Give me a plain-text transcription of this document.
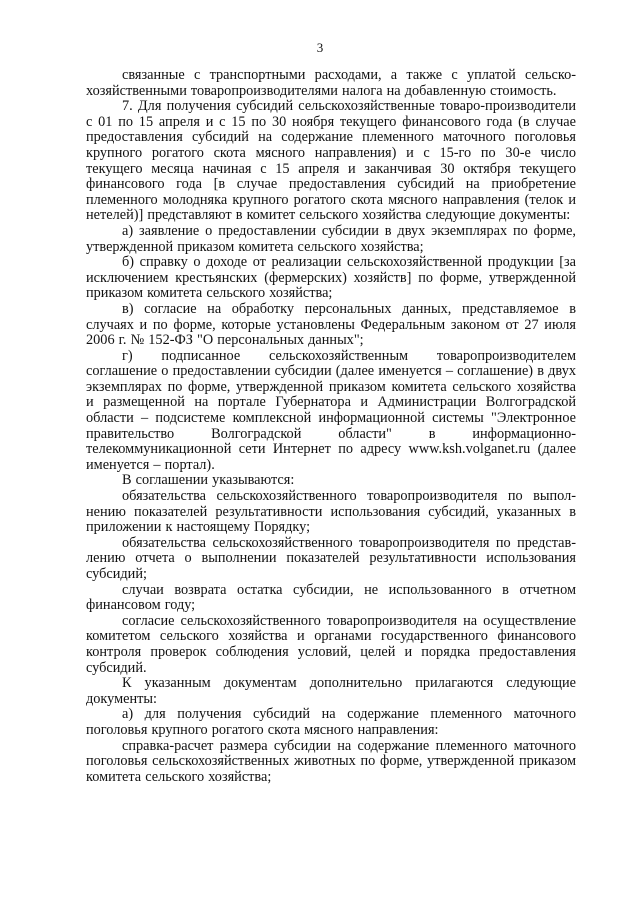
3

связанные с транспортными расходами, а также с уплатой сельско-хозяйственными товаропроизводителями налога на добавленную стоимость.

7. Для получения субсидий сельскохозяйственные товаро-производители с 01 по 15 апреля и с 15 по 30 ноября текущего финансового года (в случае предоставления субсидий на содержание племенного маточного поголовья крупного рогатого скота мясного направления) и с 15-го по 30-е число текущего месяца начиная с 15 апреля и заканчивая 30 октября текущего финансового года [в случае предоставления субсидий на приобретение племенного молодняка крупного рогатого скота мясного направления (телок и нетелей)] представляют в комитет сельского хозяйства следующие документы:

а) заявление о предоставлении субсидии в двух экземплярах по форме, утвержденной приказом комитета сельского хозяйства;

б) справку о доходе от реализации сельскохозяйственной продукции [за исключением крестьянских (фермерских) хозяйств] по форме, утвержденной приказом комитета сельского хозяйства;

в) согласие на обработку персональных данных, представляемое в случаях и по форме, которые установлены Федеральным законом от 27 июля 2006 г. № 152-ФЗ "О персональных данных";

г) подписанное сельскохозяйственным товаропроизводителем соглашение о предоставлении субсидии (далее именуется – соглашение) в двух экземплярах по форме, утвержденной приказом комитета сельского хозяйства и размещенной на портале Губернатора и Администрации Волгоградской области – подсистеме комплексной информационной системы "Электронное правительство Волгоградской области" в информационно-телекоммуникационной сети Интернет по адресу www.ksh.volganet.ru (далее именуется – портал).

В соглашении указываются:

обязательства сельскохозяйственного товаропроизводителя по выпол-нению показателей результативности использования субсидий, указанных в приложении к настоящему Порядку;

обязательства сельскохозяйственного товаропроизводителя по представ-лению отчета о выполнении показателей результативности использования субсидий;

случаи возврата остатка субсидии, не использованного в отчетном финансовом году;

согласие сельскохозяйственного товаропроизводителя на осуществление комитетом сельского хозяйства и органами государственного финансового контроля проверок соблюдения условий, целей и порядка предоставления субсидий.

К указанным документам дополнительно прилагаются следующие документы:

а) для получения субсидий на содержание племенного маточного поголовья крупного рогатого скота мясного направления:

справка-расчет размера субсидии на содержание племенного маточного поголовья сельскохозяйственных животных по форме, утвержденной приказом комитета сельского хозяйства;
